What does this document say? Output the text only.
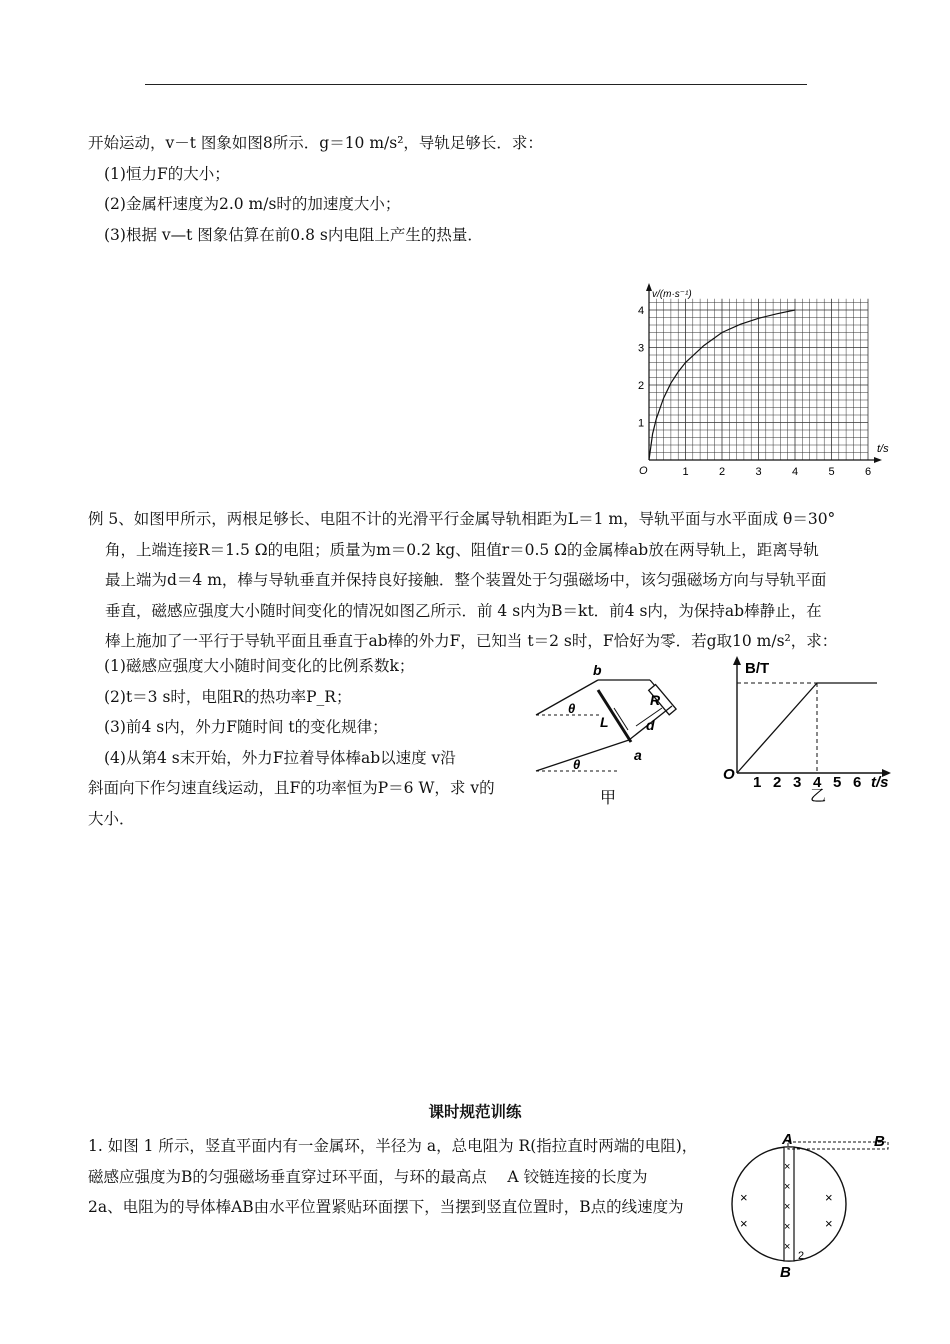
开始运动，v－t 图象如图8所示．g＝10 m/s²，导轨足够长．求：
(1)恒力F的大小；
(2)金属杆速度为2.0 m/s时的加速度大小；
(3)根据 v—t 图象估算在前0.8 s内电阻上产生的热量．
v/(m·s⁻¹)
t/s
O
1
2
3
4
1	2	3	4	5	6
例 5、如图甲所示，两根足够长、电阻不计的光滑平行金属导轨相距为L＝1 m，导轨平面与水平面成 θ＝30°
角，上端连接R＝1.5 Ω的电阻；质量为m＝0.2 kg、阻值r＝0.5 Ω的金属棒ab放在两导轨上，距离导轨
最上端为d＝4 m，棒与导轨垂直并保持良好接触．整个装置处于匀强磁场中，该匀强磁场方向与导轨平面
垂直，磁感应强度大小随时间变化的情况如图乙所示．前 4 s内为B＝kt．前4 s内，为保持ab棒静止，在
棒上施加了一平行于导轨平面且垂直于ab棒的外力F，已知当 t＝2 s时，F恰好为零．若g取10 m/s²，求：
(1)磁感应强度大小随时间变化的比例系数k；
(2)t＝3 s时，电阻R的热功率P_R；
(3)前4 s内，外力F随时间 t的变化规律；
(4)从第4 s末开始，外力F拉着导体棒ab以速度 v沿
斜面向下作匀速直线运动，且F的功率恒为P＝6 W，求 v的
大小．
b
θ
L
R
d
a
θ
甲
B/T
t/s
O 1 2 3 4 5 6
乙
课时规范训练
1. 如图 1 所示，竖直平面内有一金属环，半径为 a，总电阻为 R(指拉直时两端的电阻)，
磁感应强度为B的匀强磁场垂直穿过环平面，与环的最高点　 A 铰链连接的长度为
2a、电阻为的导体棒AB由水平位置紧贴环面摆下，当摆到竖直位置时，B点的线速度为
A	B
B
2
×
×
×
×
×
×
×
×
×
